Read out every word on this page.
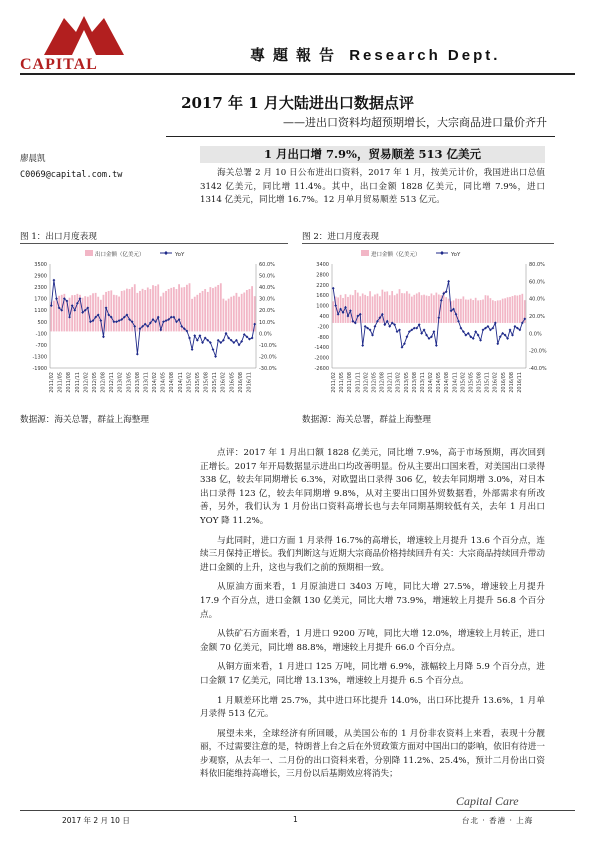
CAPITAL
專題報告 Research Dept.
2017 年 1 月大陆进出口数据点评
——进出口资料均超预期增长，大宗商品进口量价齐升
廖晨凯
C0069@capital.com.tw
1 月出口增 7.9%，贸易顺差 513 亿美元

海关总署 2 月 10 日公布进出口资料，2017 年 1 月，按美元计价，我国进出口总值 3142 亿美元，同比增 11.4%。其中，出口金额 1828 亿美元，同比增 7.9%，进口 1314 亿美元，同比增 16.7%。12 月单月贸易顺差 513 亿元。

图 1：出口月度表现
出口金额（亿美元）	YoY
3500
2900
2300
1700
1100
500
-100
-700
-1300
-1900
60.0%
50.0%
40.0%
30.0%
20.0%
10.0%
0.0%
-10.0%
-20.0%
-30.0%
2011/02 2011/05 2011/08 2011/11 2012/02 2012/05 2012/08 2012/11 2013/02 2013/05 2013/08 2013/11 2014/02 2014/05 2014/08 2014/11 2015/02 2015/05 2015/08 2015/11 2016/02 2016/05 2016/08 2016/11
数据源：海关总署，群益上海整理
图 2：进口月度表现
进口金额（亿美元）	YoY
3400
2800
2200
1600
1000
400
-200
-800
-1400
-2000
-2600
80.0%
60.0%
40.0%
20.0%
0.0%
-20.0%
-40.0%
2011/02 2011/05 2011/08 2011/11 2012/02 2012/05 2012/08 2012/11 2013/02 2013/05 2013/08 2013/11 2014/02 2014/05 2014/08 2014/11 2015/02 2015/05 2015/08 2015/11 2016/02 2016/05 2016/08 2016/11
数据源：海关总署，群益上海整理

点评：2017 年 1 月出口额 1828 亿美元，同比增 7.9%，高于市场预期，再次回到正增长。2017 年开局数据显示进出口均改善明显。份从主要出口国来看，对美国出口录得 338 亿，较去年同期增长 6.3%，对欧盟出口录得 306 亿，较去年同期增 3.0%，对日本出口录得 123 亿，较去年同期增 9.8%，从对主要出口国外贸数据看，外部需求有所改善，另外，我们认为 1 月份出口资料高增长也与去年同期基期较低有关，去年 1 月出口 YOY 降 11.2%。

与此同时，进口方面 1 月录得 16.7%的高增长，增速较上月提升 13.6 个百分点，连续三月保持正增长。我们判断这与近期大宗商品价格持续回升有关：大宗商品持续回升带动进口金额的上升，这也与我们之前的预期相一致。

从原油方面来看，1 月原油进口 3403 万吨，同比大增 27.5%，增速较上月提升 17.9 个百分点，进口金额 130 亿美元，同比大增 73.9%，增速较上月提升 56.8 个百分点。

从铁矿石方面来看，1 月进口 9200 万吨，同比大增 12.0%，增速较上月转正，进口金额 70 亿美元，同比增 88.8%，增速较上月提升 66.0 个百分点。

从铜方面来看，1 月进口 125 万吨，同比增 6.9%，涨幅较上月降 5.9 个百分点，进口金额 17 亿美元，同比增 13.13%，增速较上月提升 6.5 个百分点。

1 月顺差环比增 25.7%，其中进口环比提升 14.0%，出口环比提升 13.6%，1 月单月录得 513 亿元。

展望未来，全球经济有所回暖，从美国公布的 1 月份非农资料上来看，表现十分靓丽，不过需要注意的是，特朗普上台之后在外贸政策方面对中国出口的影响，依旧有待进一步观察，从去年一、二月份的出口资料来看，分别降 11.2%、25.4%，预计二月份出口资料依旧能维持高增长，三月份以后基期效应将消失；

2017 年 2 月 10 日	1
Capital Care
台北 · 香港 · 上海
